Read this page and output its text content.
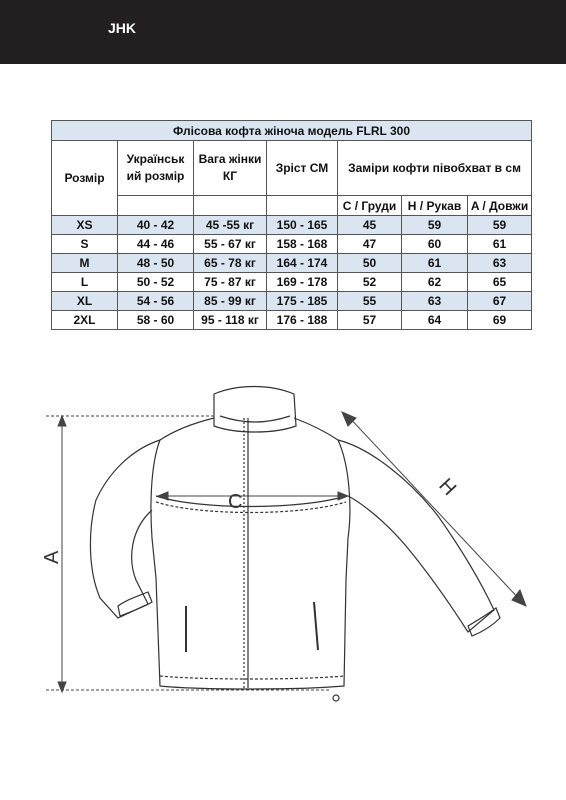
JHK
Флісова кофта жіноча модель FLRL 300						
Розмір	Українськ ий розмір	Вага жінки КГ	Зріст СМ	Заміри кофти півобхват в см		
				C / Груди	H / Рукав	A / Довжи
XS	40 - 42	45 -55 кг	150 - 165	45	59	59
S	44 - 46	55 - 67 кг	158 - 168	47	60	61
M	48 - 50	65 - 78 кг	164 - 174	50	61	63
L	50 - 52	75 - 87 кг	169 - 178	52	62	65
XL	54 - 56	85 - 99 кг	175 - 185	55	63	67
2XL	58 - 60	95 - 118 кг	176 - 188	57	64	69
C
H
A
